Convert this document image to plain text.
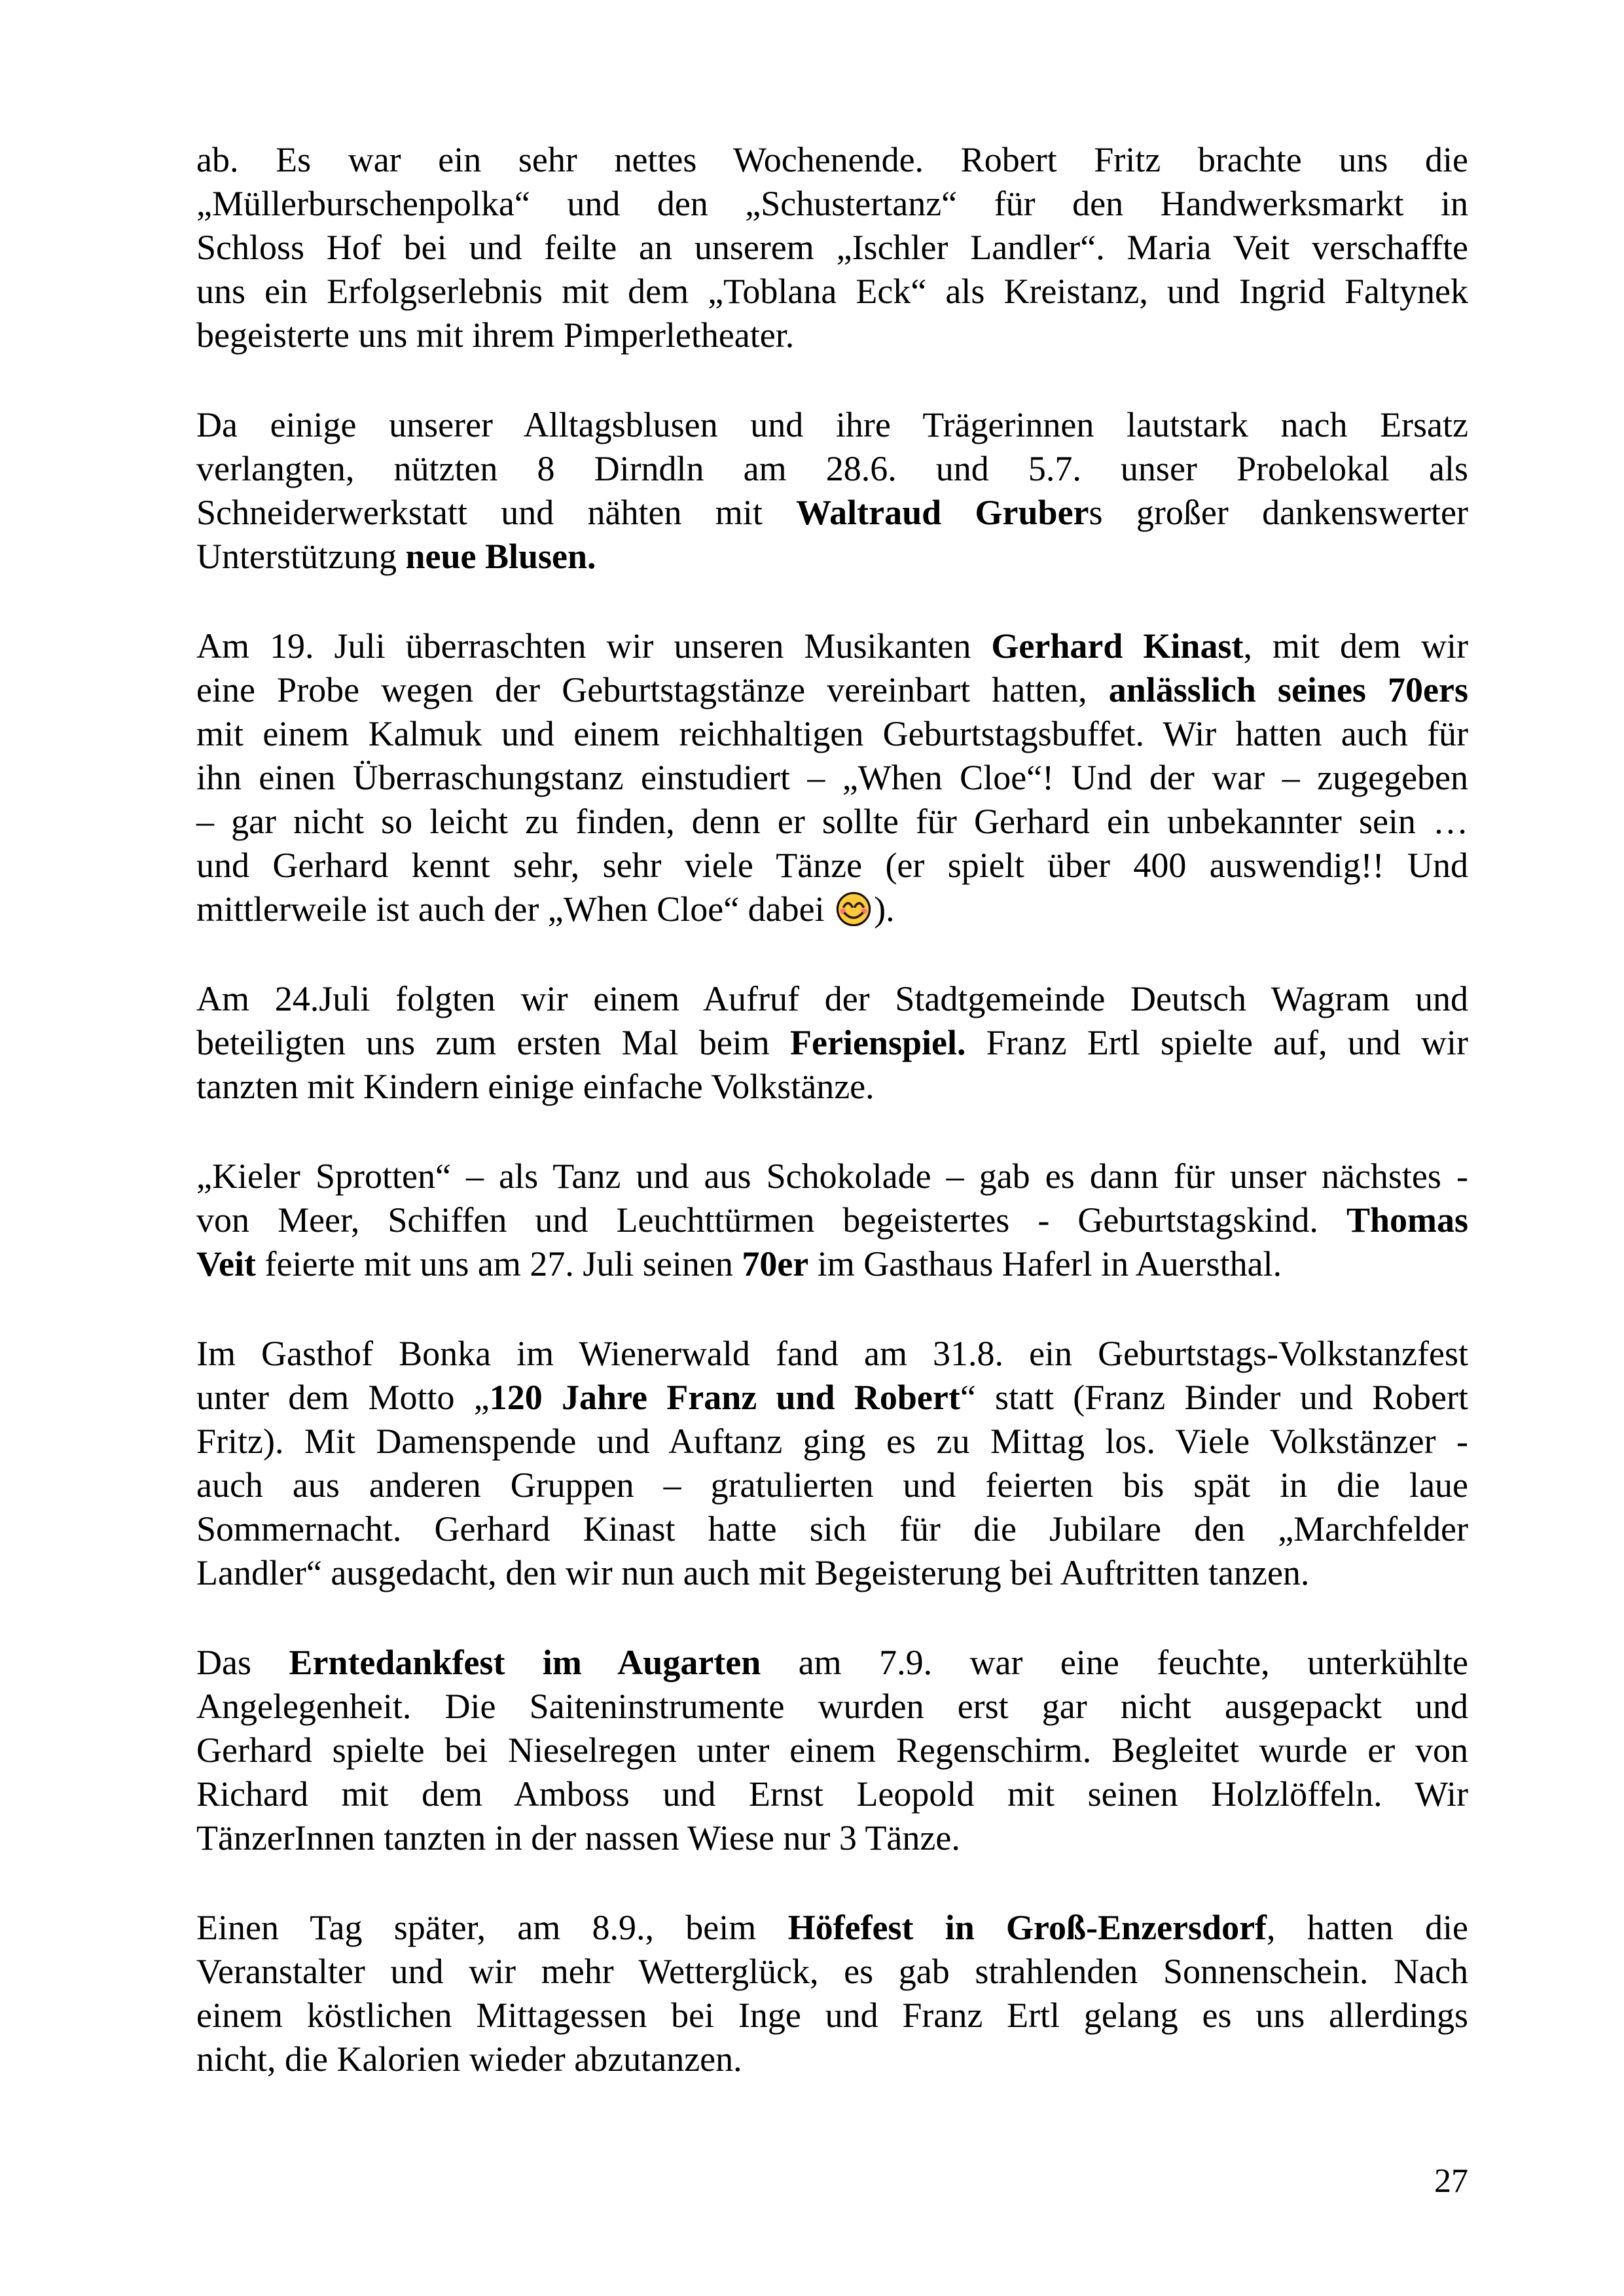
ab. Es war ein sehr nettes Wochenende. Robert Fritz brachte uns die
„Müllerburschenpolka“ und den „Schustertanz“ für den Handwerksmarkt in
Schloss Hof bei und feilte an unserem „Ischler Landler“. Maria Veit verschaffte
uns ein Erfolgserlebnis mit dem „Toblana Eck“ als Kreistanz, und Ingrid Faltynek
begeisterte uns mit ihrem Pimperletheater.
Da einige unserer Alltagsblusen und ihre Trägerinnen lautstark nach Ersatz
verlangten, nützten 8 Dirndln am 28.6. und 5.7. unser Probelokal als
Schneiderwerkstatt und nähten mit Waltraud Grubers großer dankenswerter
Unterstützung neue Blusen.
Am 19. Juli überraschten wir unseren Musikanten Gerhard Kinast, mit dem wir
eine Probe wegen der Geburtstagstänze vereinbart hatten, anlässlich seines 70ers
mit einem Kalmuk und einem reichhaltigen Geburtstagsbuffet. Wir hatten auch für
ihn einen Überraschungstanz einstudiert – „When Cloe“! Und der war – zugegeben
– gar nicht so leicht zu finden, denn er sollte für Gerhard ein unbekannter sein …
und Gerhard kennt sehr, sehr viele Tänze (er spielt über 400 auswendig!! Und
mittlerweile ist auch der „When Cloe“ dabei ).
Am 24.Juli folgten wir einem Aufruf der Stadtgemeinde Deutsch Wagram und
beteiligten uns zum ersten Mal beim Ferienspiel. Franz Ertl spielte auf, und wir
tanzten mit Kindern einige einfache Volkstänze.
„Kieler Sprotten“ – als Tanz und aus Schokolade – gab es dann für unser nächstes -
von Meer, Schiffen und Leuchttürmen begeistertes - Geburtstagskind. Thomas
Veit feierte mit uns am 27. Juli seinen 70er im Gasthaus Haferl in Auersthal.
Im Gasthof Bonka im Wienerwald fand am 31.8. ein Geburtstags-Volkstanzfest
unter dem Motto „120 Jahre Franz und Robert“ statt (Franz Binder und Robert
Fritz). Mit Damenspende und Auftanz ging es zu Mittag los. Viele Volkstänzer -
auch aus anderen Gruppen – gratulierten und feierten bis spät in die laue
Sommernacht. Gerhard Kinast hatte sich für die Jubilare den „Marchfelder
Landler“ ausgedacht, den wir nun auch mit Begeisterung bei Auftritten tanzen.
Das Erntedankfest im Augarten am 7.9. war eine feuchte, unterkühlte
Angelegenheit. Die Saiteninstrumente wurden erst gar nicht ausgepackt und
Gerhard spielte bei Nieselregen unter einem Regenschirm. Begleitet wurde er von
Richard mit dem Amboss und Ernst Leopold mit seinen Holzlöffeln. Wir
TänzerInnen tanzten in der nassen Wiese nur 3 Tänze.
Einen Tag später, am 8.9., beim Höfefest in Groß-Enzersdorf, hatten die
Veranstalter und wir mehr Wetterglück, es gab strahlenden Sonnenschein. Nach
einem köstlichen Mittagessen bei Inge und Franz Ertl gelang es uns allerdings
nicht, die Kalorien wieder abzutanzen.
27
